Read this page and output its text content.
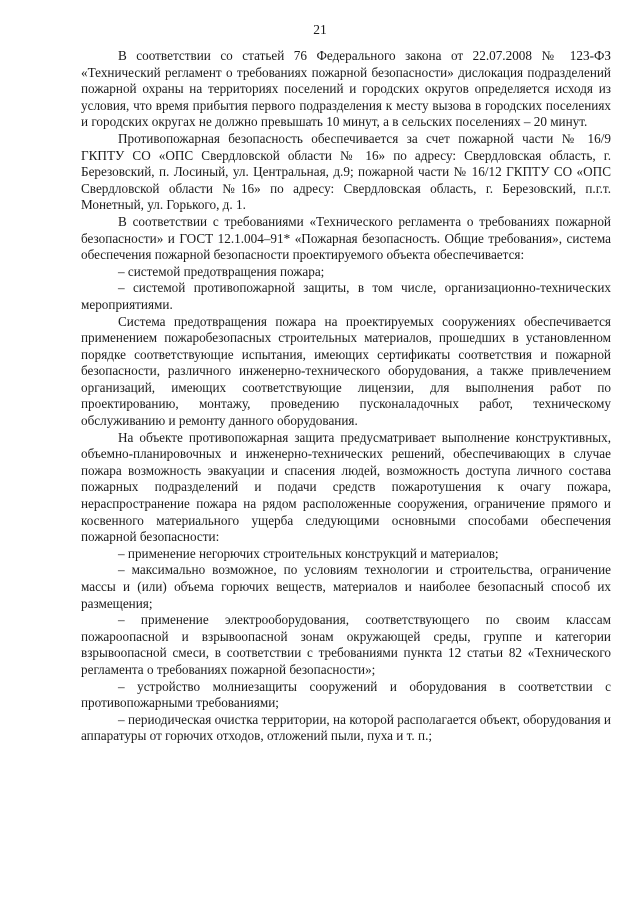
21

В соответствии со статьей 76 Федерального закона от 22.07.2008 № 123-ФЗ «Технический регламент о требованиях пожарной безопасности» дислокация подразделений пожарной охраны на территориях поселений и городских округов определяется исходя из условия, что время прибытия первого подразделения к месту вызова в городских поселениях и городских округах не должно превышать 10 минут, а в сельских поселениях – 20 минут.

Противопожарная безопасность обеспечивается за счет пожарной части № 16/9 ГКПТУ СО «ОПС Свердловской области № 16» по адресу: Свердловская область, г. Березовский, п. Лосиный, ул. Центральная, д.9; пожарной части № 16/12 ГКПТУ СО «ОПС Свердловской области №16» по адресу: Свердловская область, г. Березовский, п.г.т. Монетный, ул. Горького, д. 1.

В соответствии с требованиями «Технического регламента о требованиях пожарной безопасности» и ГОСТ 12.1.004–91* «Пожарная безопасность. Общие требования», система обеспечения пожарной безопасности проектируемого объекта обеспечивается:

– системой предотвращения пожара;

– системой противопожарной защиты, в том числе, организационно-технических мероприятиями.

Система предотвращения пожара на проектируемых сооружениях обеспечивается применением пожаробезопасных строительных материалов, прошедших в установленном порядке соответствующие испытания, имеющих сертификаты соответствия и пожарной безопасности, различного инженерно-технического оборудования, а также привлечением организаций, имеющих соответствующие лицензии, для выполнения работ по проектированию, монтажу, проведению пусконаладочных работ, техническому обслуживанию и ремонту данного оборудования.

На объекте противопожарная защита предусматривает выполнение конструктивных, объемно-планировочных и инженерно-технических решений, обеспечивающих в случае пожара возможность эвакуации и спасения людей, возможность доступа личного состава пожарных подразделений и подачи средств пожаротушения к очагу пожара, нераспространение пожара на рядом расположенные сооружения, ограничение прямого и косвенного материального ущерба следующими основными способами обеспечения пожарной безопасности:

– применение негорючих строительных конструкций и материалов;

– максимально возможное, по условиям технологии и строительства, ограничение массы и (или) объема горючих веществ, материалов и наиболее безопасный способ их размещения;

– применение электрооборудования, соответствующего по своим классам пожароопасной и взрывоопасной зонам окружающей среды, группе и категории взрывоопасной смеси, в соответствии с требованиями пункта 12 статьи 82 «Технического регламента о требованиях пожарной безопасности»;

– устройство молниезащиты сооружений и оборудования в соответствии с противопожарными требованиями;

– периодическая очистка территории, на которой располагается объект, оборудования и аппаратуры от горючих отходов, отложений пыли, пуха и т. п.;
